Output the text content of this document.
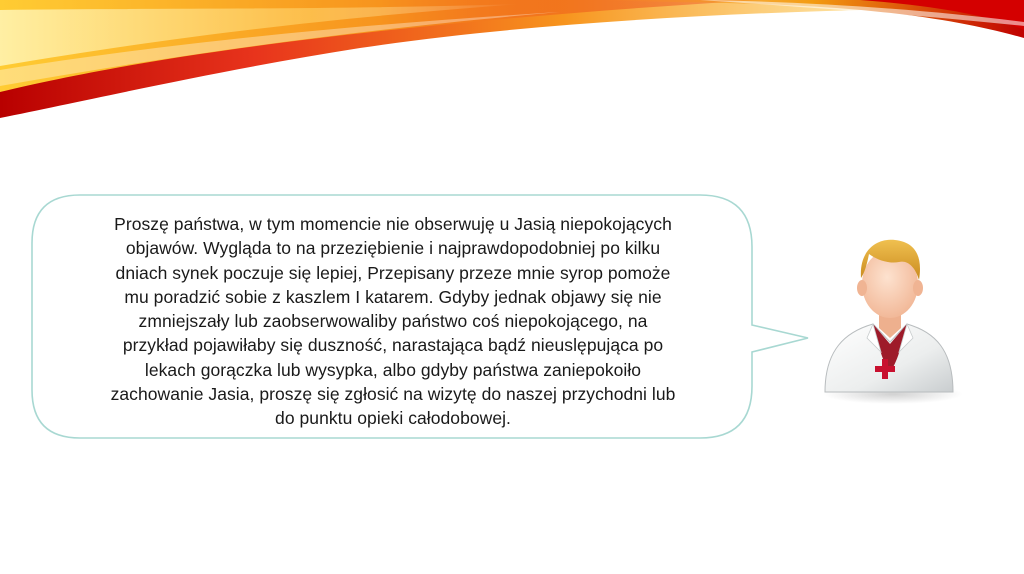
Proszę państwa, w tym momencie nie obserwuję u Jasią niepokojących
objawów. Wygląda to na przeziębienie i najprawdopodobniej po kilku
dniach synek poczuje się lepiej, Przepisany przeze mnie syrop pomoże
mu poradzić sobie z kaszlem I katarem. Gdyby jednak objawy się nie
zmniejszały lub zaobserwowaliby państwo coś niepokojącego, na
przykład pojawiłaby się duszność, narastająca bądź nieuslępująca po
lekach gorączka lub wysypka, albo gdyby państwa zaniepokoiło
zachowanie Jasia, proszę się zgłosić na wizytę do naszej przychodni lub
do punktu opieki całodobowej.
